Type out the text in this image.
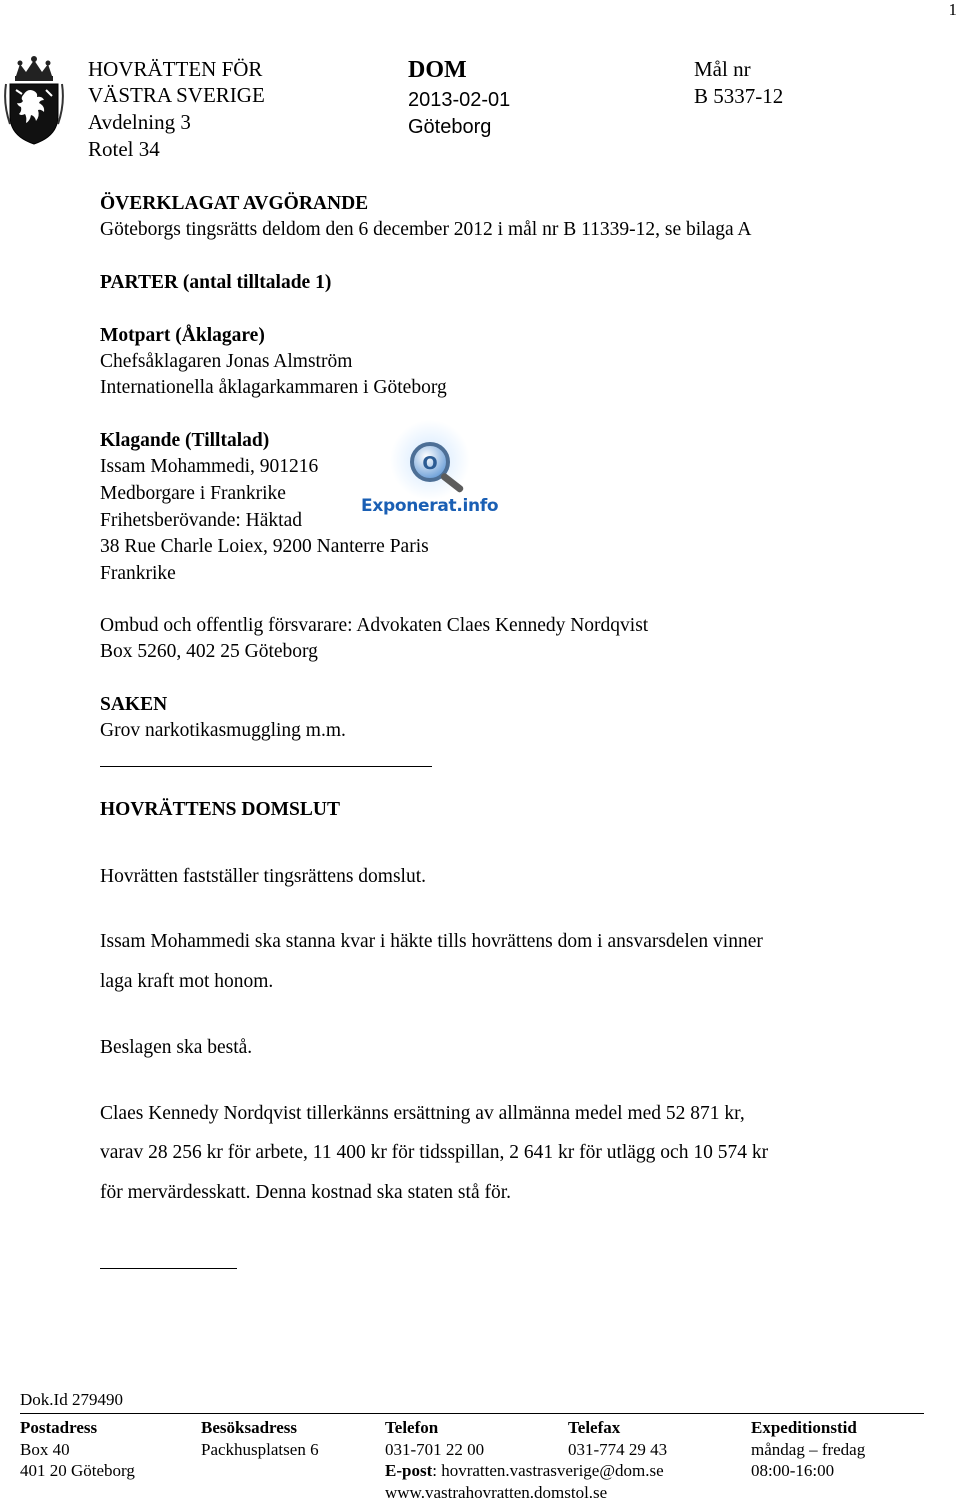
1
HOVRÄTTEN FÖR
VÄSTRA SVERIGE
Avdelning 3
Rotel 34
DOM
2013-02-01
Göteborg
Mål nr
B 5337-12
ÖVERKLAGAT AVGÖRANDE
Göteborgs tingsrätts deldom den 6 december 2012 i mål nr B 11339-12, se bilaga A
PARTER (antal tilltalade 1)
Motpart (Åklagare)
Chefsåklagaren Jonas Almström
Internationella åklagarkammaren i Göteborg
Klagande (Tilltalad)
Issam Mohammedi, 901216
Medborgare i Frankrike
Frihetsberövande: Häktad
38 Rue Charle Loiex, 9200 Nanterre Paris
Frankrike
O
Exponerat.info
Ombud och offentlig försvarare: Advokaten Claes Kennedy Nordqvist
Box 5260, 402 25 Göteborg
SAKEN
Grov narkotikasmuggling m.m.
HOVRÄTTENS DOMSLUT
Hovrätten fastställer tingsrättens domslut.
Issam Mohammedi ska stanna kvar i häkte tills hovrättens dom i ansvarsdelen vinner
laga kraft mot honom.
Beslagen ska bestå.
Claes Kennedy Nordqvist tillerkänns ersättning av allmänna medel med 52 871 kr,
varav 28 256 kr för arbete, 11 400 kr för tidsspillan, 2 641 kr för utlägg och 10 574 kr
för mervärdesskatt. Denna kostnad ska staten stå för.
Dok.Id 279490
Postadress
Box 40
401 20 Göteborg
Besöksadress
Packhusplatsen 6
Telefon
031-701 22 00
E-post: hovratten.vastrasverige@dom.se
www.vastrahovratten.domstol.se
Telefax
031-774 29 43
Expeditionstid
måndag – fredag
08:00-16:00
